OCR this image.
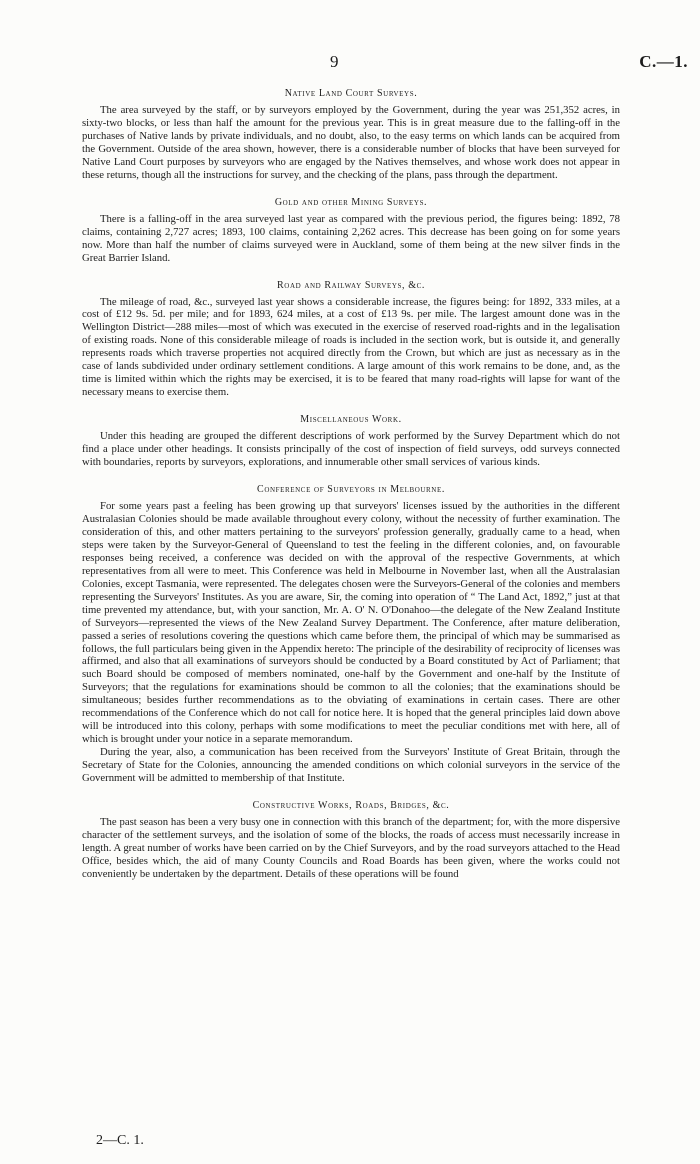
9	C.—1.
Native Land Court Surveys.

The area surveyed by the staff, or by surveyors employed by the Government, during the year was 251,352 acres, in sixty-two blocks, or less than half the amount for the previous year. This is in great measure due to the falling-off in the purchases of Native lands by private individuals, and no doubt, also, to the easy terms on which lands can be acquired from the Government. Outside of the area shown, however, there is a considerable number of blocks that have been surveyed for Native Land Court purposes by surveyors who are engaged by the Natives themselves, and whose work does not appear in these returns, though all the instructions for survey, and the checking of the plans, pass through the department.

Gold and other Mining Surveys.

There is a falling-off in the area surveyed last year as compared with the previous period, the figures being: 1892, 78 claims, containing 2,727 acres; 1893, 100 claims, containing 2,262 acres. This decrease has been going on for some years now. More than half the number of claims surveyed were in Auckland, some of them being at the new silver finds in the Great Barrier Island.

Road and Railway Surveys, &c.

The mileage of road, &c., surveyed last year shows a considerable increase, the figures being: for 1892, 333 miles, at a cost of £12 9s. 5d. per mile; and for 1893, 624 miles, at a cost of £13 9s. per mile. The largest amount done was in the Wellington District—288 miles—most of which was executed in the exercise of reserved road-rights and in the legalisation of existing roads. None of this considerable mileage of roads is included in the section work, but is outside it, and generally represents roads which traverse properties not acquired directly from the Crown, but which are just as necessary as in the case of lands subdivided under ordinary settlement conditions. A large amount of this work remains to be done, and, as the time is limited within which the rights may be exercised, it is to be feared that many road-rights will lapse for want of the necessary means to exercise them.

Miscellaneous Work.

Under this heading are grouped the different descriptions of work performed by the Survey Department which do not find a place under other headings. It consists principally of the cost of inspection of field surveys, odd surveys connected with boundaries, reports by surveyors, explorations, and innumerable other small services of various kinds.

Conference of Surveyors in Melbourne.

For some years past a feeling has been growing up that surveyors' licenses issued by the authorities in the different Australasian Colonies should be made available throughout every colony, without the necessity of further examination. The consideration of this, and other matters pertaining to the surveyors' profession generally, gradually came to a head, when steps were taken by the Surveyor-General of Queensland to test the feeling in the different colonies, and, on favourable responses being received, a conference was decided on with the approval of the respective Governments, at which representatives from all were to meet. This Conference was held in Melbourne in November last, when all the Australasian Colonies, except Tasmania, were represented. The delegates chosen were the Surveyors-General of the colonies and members representing the Surveyors' Institutes. As you are aware, Sir, the coming into operation of “ The Land Act, 1892,” just at that time prevented my attendance, but, with your sanction, Mr. A. O' N. O'Donahoo—the delegate of the New Zealand Institute of Surveyors—represented the views of the New Zealand Survey Department. The Conference, after mature deliberation, passed a series of resolutions covering the questions which came before them, the principal of which may be summarised as follows, the full particulars being given in the Appendix hereto: The principle of the desirability of reciprocity of licenses was affirmed, and also that all examinations of surveyors should be conducted by a Board constituted by Act of Parliament; that such Board should be composed of members nominated, one-half by the Government and one-half by the Institute of Surveyors; that the regulations for examinations should be common to all the colonies; that the examinations should be simultaneous; besides further recommendations as to the obviating of examinations in certain cases. There are other recommendations of the Conference which do not call for notice here. It is hoped that the general principles laid down above will be introduced into this colony, perhaps with some modifications to meet the peculiar conditions met with here, all of which is brought under your notice in a separate memorandum.

During the year, also, a communication has been received from the Surveyors' Institute of Great Britain, through the Secretary of State for the Colonies, announcing the amended conditions on which colonial surveyors in the service of the Government will be admitted to membership of that Institute.

Constructive Works, Roads, Bridges, &c.

The past season has been a very busy one in connection with this branch of the department; for, with the more dispersive character of the settlement surveys, and the isolation of some of the blocks, the roads of access must necessarily increase in length. A great number of works have been carried on by the Chief Surveyors, and by the road surveyors attached to the Head Office, besides which, the aid of many County Councils and Road Boards has been given, where the works could not conveniently be undertaken by the department. Details of these operations will be found

2—C. 1.
